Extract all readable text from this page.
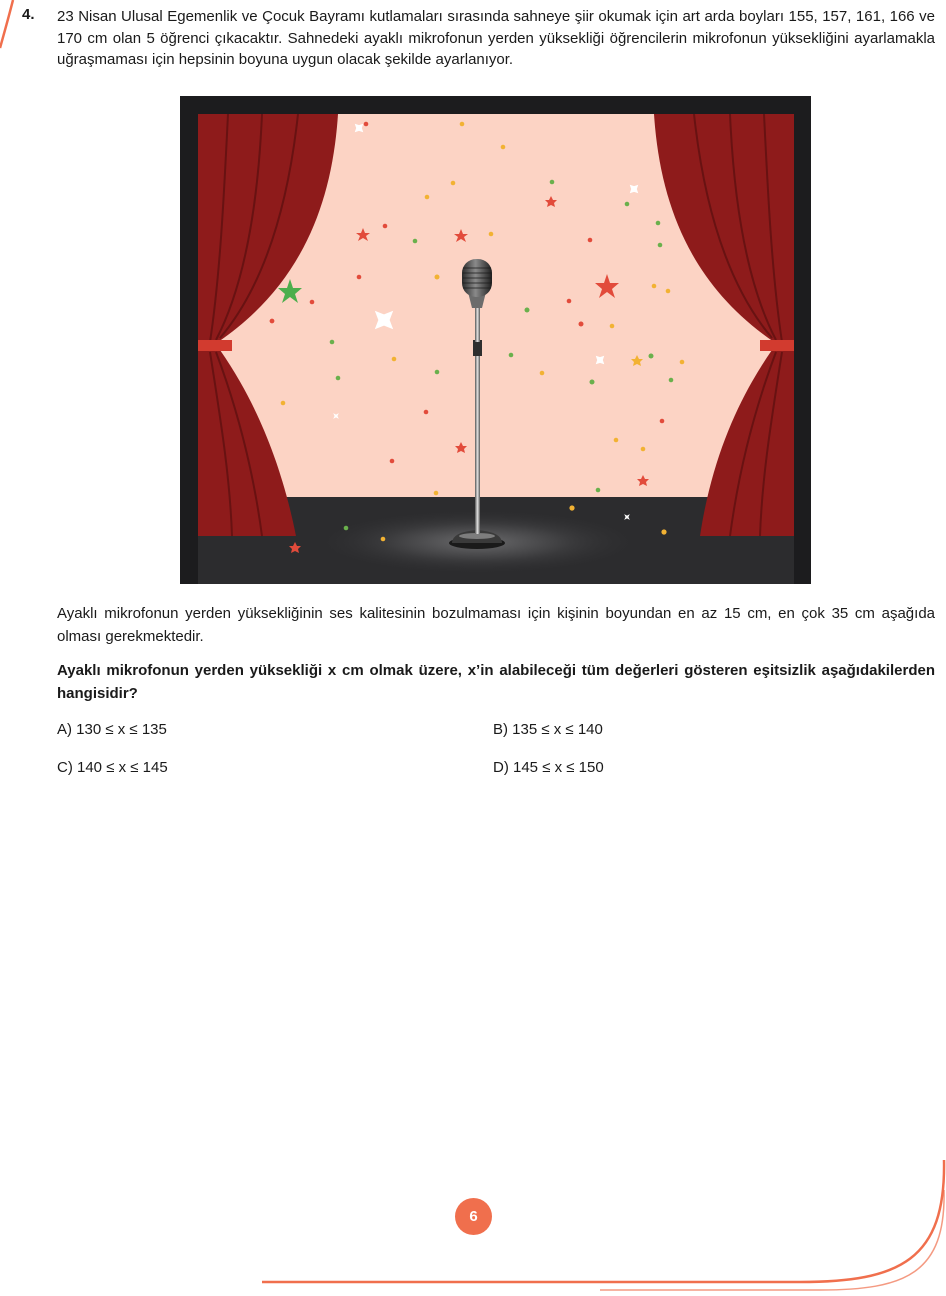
4. 23 Nisan Ulusal Egemenlik ve Çocuk Bayramı kutlamaları sırasında sahneye şiir okumak için art arda boyları 155, 157, 161, 166 ve 170 cm olan 5 öğrenci çıkacaktır. Sahnedeki ayaklı mikrofonun yerden yüksekliği öğrencilerin mikrofonun yüksekliğini ayarlamakla uğraşmaması için hepsinin boyuna uygun olacak şekilde ayarlanıyor.
Ayaklı mikrofonun yerden yüksekliğinin ses kalitesinin bozulmaması için kişinin boyundan en az 15 cm, en çok 35 cm aşağıda olması gerekmektedir.
Ayaklı mikrofonun yerden yüksekliği x cm olmak üzere, x’in alabileceği tüm değerleri gösteren eşitsizlik aşağıdakilerden hangisidir?
A) 130 ≤ x ≤ 135	B) 135 ≤ x ≤ 140
C) 140 ≤ x ≤ 145	D) 145 ≤ x ≤ 150
6
